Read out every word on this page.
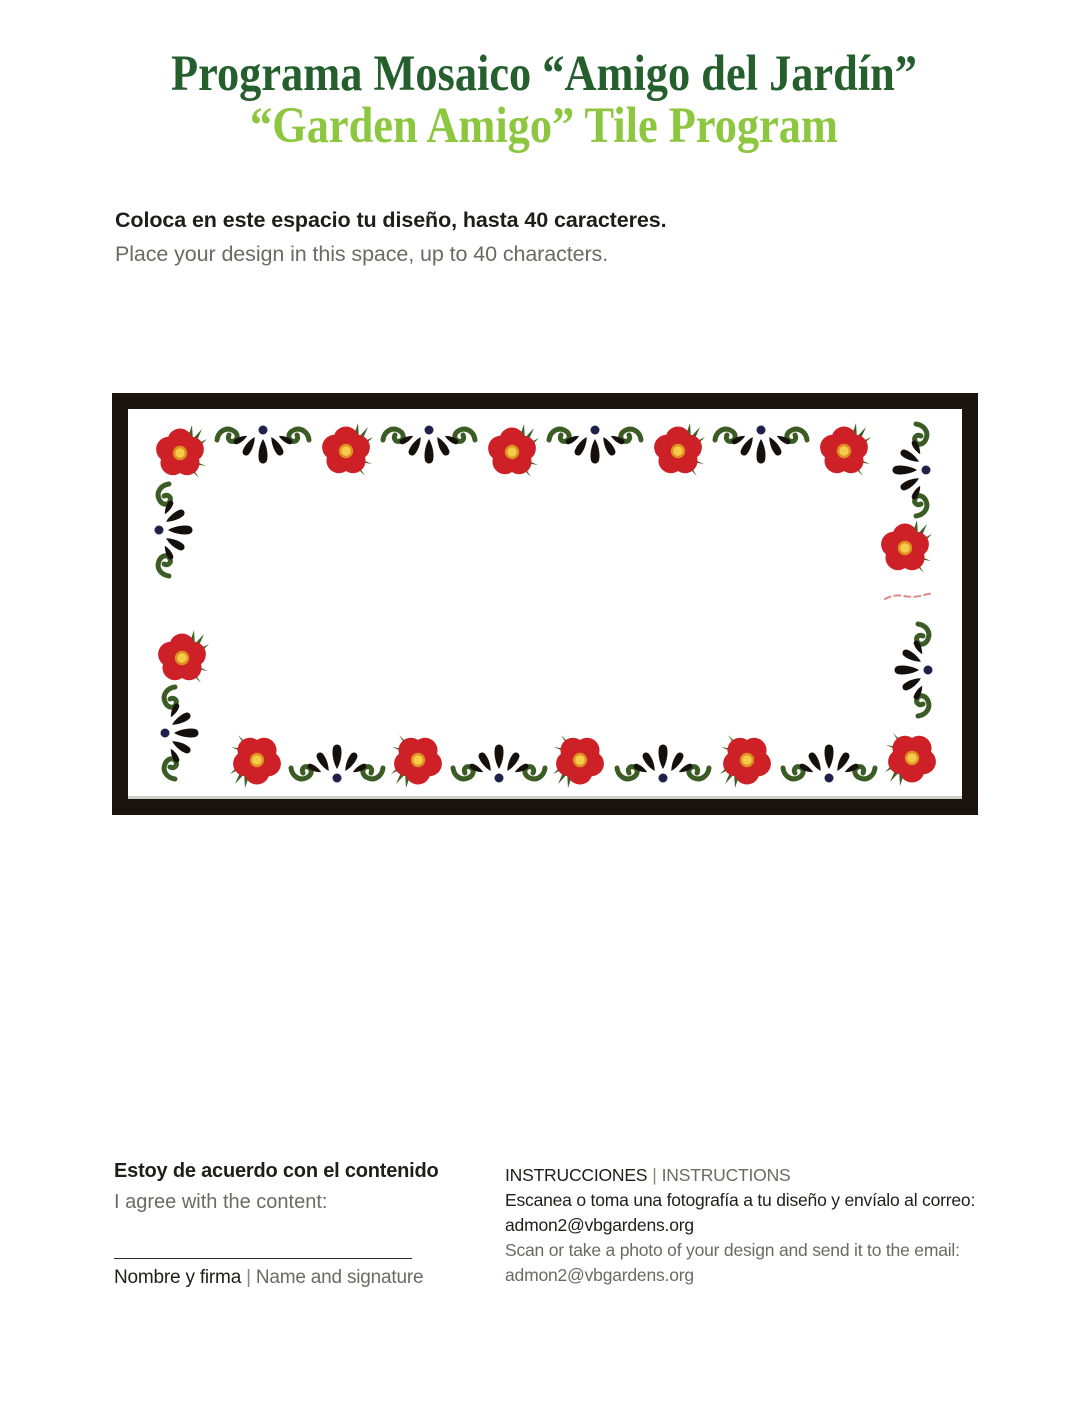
Programa Mosaico “Amigo del Jardín”
“Garden Amigo” Tile Program

Coloca en este espacio tu diseño, hasta 40 caracteres.

Place your design in this space, up to 40 characters.

Estoy de acuerdo con el contenido

I agree with the content:

Nombre y firma | Name and signature

INSTRUCCIONES | INSTRUCTIONS

Escanea o toma una fotografía a tu diseño y envíalo al correo:

admon2@vbgardens.org

Scan or take a photo of your design and send it to the email:

admon2@vbgardens.org
